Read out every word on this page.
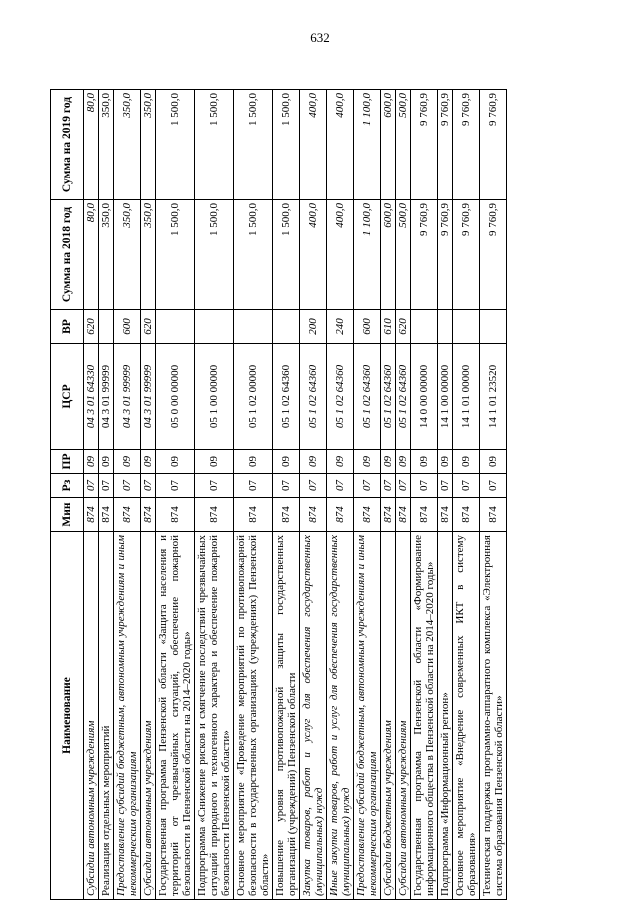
632
Наименование	Мин	Рз	ПР	ЦСР	ВР	Сумма на 2018 год	Сумма на 2019 год
Субсидии автономным учреждениям	874	07	09	04 3 01 64330	620	80,0	80,0
Реализация отдельных мероприятий	874	07	09	04 3 01 99999		350,0	350,0
Предоставление субсидий бюджетным, автономным учреждениям и иным некоммерческим организациям	874	07	09	04 3 01 99999	600	350,0	350,0
Субсидии автономным учреждениям	874	07	09	04 3 01 99999	620	350,0	350,0
Государственная программа Пензенской области «Защита населения и территорий от чрезвычайных ситуаций, обеспечение пожарной безопасности в Пензенской области на 2014–2020 годы»	874	07	09	05 0 00 00000		1 500,0	1 500,0
Подпрограмма «Снижение рисков и смягчение последствий чрезвычайных ситуаций природного и техногенного характера и обеспечение пожарной безопасности Пензенской области»	874	07	09	05 1 00 00000		1 500,0	1 500,0
Основное мероприятие «Проведение мероприятий по противопожарной безопасности в государственных организациях (учреждениях) Пензенской области»	874	07	09	05 1 02 00000		1 500,0	1 500,0
Повышение уровня противопожарной защиты государственных организаций (учреждений) Пензенской области	874	07	09	05 1 02 64360		1 500,0	1 500,0
Закупка товаров, работ и услуг для обеспечения государственных (муниципальных) нужд	874	07	09	05 1 02 64360	200	400,0	400,0
Иные закупки товаров, работ и услуг для обеспечения государственных (муниципальных) нужд	874	07	09	05 1 02 64360	240	400,0	400,0
Предоставление субсидий бюджетным, автономным учреждениям и иным некоммерческим организациям	874	07	09	05 1 02 64360	600	1 100,0	1 100,0
Субсидии бюджетным учреждениям	874	07	09	05 1 02 64360	610	600,0	600,0
Субсидии автономным учреждениям	874	07	09	05 1 02 64360	620	500,0	500,0
Государственная программа Пензенской области «Формирование информационного общества в Пензенской области на 2014–2020 годы»	874	07	09	14 0 00 00000		9 760,9	9 760,9
Подпрограмма «Информационный регион»	874	07	09	14 1 00 00000		9 760,9	9 760,9
Основное мероприятие «Внедрение современных ИКТ в систему образования»	874	07	09	14 1 01 00000		9 760,9	9 760,9
Техническая поддержка программно-аппаратного комплекса «Электронная система образования Пензенской области»	874	07	09	14 1 01 23520		9 760,9	9 760,9
